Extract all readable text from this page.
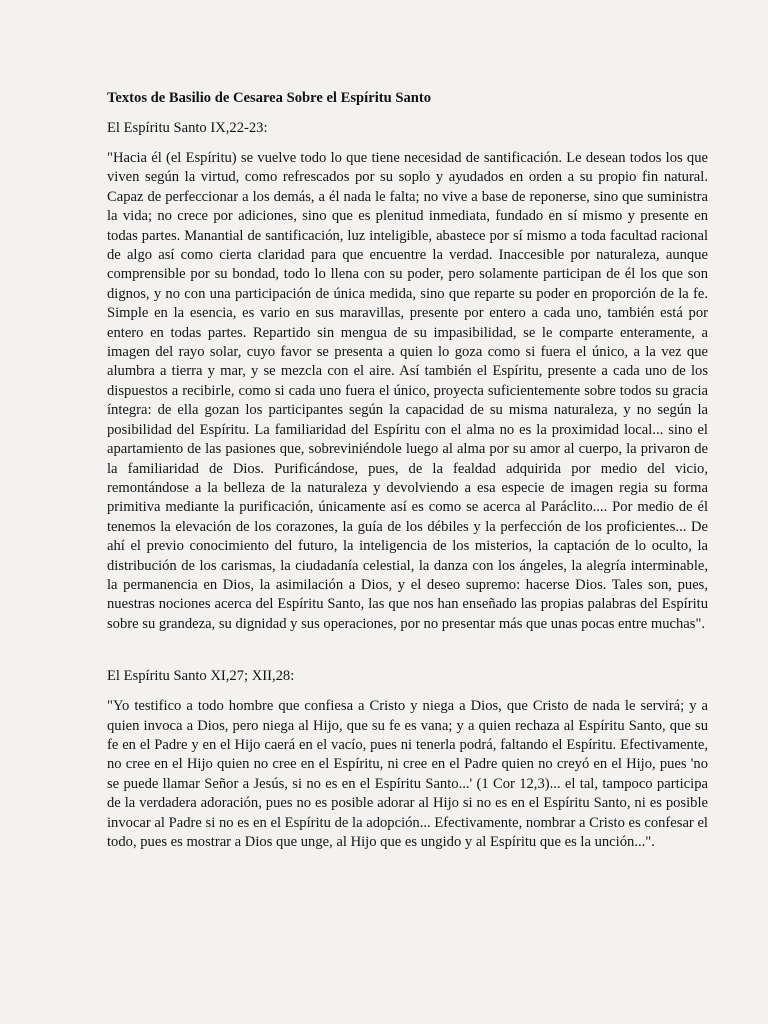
Textos de Basilio de Cesarea Sobre el Espíritu Santo

El Espíritu Santo IX,22-23:

"Hacia él (el Espíritu) se vuelve todo lo que tiene necesidad de santificación. Le desean todos los que viven según la virtud, como refrescados por su soplo y ayudados en orden a su propio fin natural. Capaz de perfeccionar a los demás, a él nada le falta; no vive a base de reponerse, sino que suministra la vida; no crece por adiciones, sino que es plenitud inmediata, fundado en sí mismo y presente en todas partes. Manantial de santificación, luz inteligible, abastece por sí mismo a toda facultad racional de algo así como cierta claridad para que encuentre la verdad. Inaccesible por naturaleza, aunque comprensible por su bondad, todo lo llena con su poder, pero solamente participan de él los que son dignos, y no con una participación de única medida, sino que reparte su poder en proporción de la fe. Simple en la esencia, es vario en sus maravillas, presente por entero a cada uno, también está por entero en todas partes. Repartido sin mengua de su impasibilidad, se le comparte enteramente, a imagen del rayo solar, cuyo favor se presenta a quien lo goza como si fuera el único, a la vez que alumbra a tierra y mar, y se mezcla con el aire. Así también el Espíritu, presente a cada uno de los dispuestos a recibirle, como si cada uno fuera el único, proyecta suficientemente sobre todos su gracia íntegra: de ella gozan los participantes según la capacidad de su misma naturaleza, y no según la posibilidad del Espíritu. La familiaridad del Espíritu con el alma no es la proximidad local... sino el apartamiento de las pasiones que, sobreviniéndole luego al alma por su amor al cuerpo, la privaron de la familiaridad de Dios. Purificándose, pues, de la fealdad adquirida por medio del vicio, remontándose a la belleza de la naturaleza y devolviendo a esa especie de imagen regia su forma primitiva mediante la purificación, únicamente así es como se acerca al Paráclito.... Por medio de él tenemos la elevación de los corazones, la guía de los débiles y la perfección de los proficientes... De ahí el previo conocimiento del futuro, la inteligencia de los misterios, la captación de lo oculto, la distribución de los carismas, la ciudadanía celestial, la danza con los ángeles, la alegría interminable, la permanencia en Dios, la asimilación a Dios, y el deseo supremo: hacerse Dios. Tales son, pues, nuestras nociones acerca del Espíritu Santo, las que nos han enseñado las propias palabras del Espíritu sobre su grandeza, su dignidad y sus operaciones, por no presentar más que unas pocas entre muchas".

El Espíritu Santo XI,27; XII,28:

"Yo testifico a todo hombre que confiesa a Cristo y niega a Dios, que Cristo de nada le servirá; y a quien invoca a Dios, pero niega al Hijo, que su fe es vana; y a quien rechaza al Espíritu Santo, que su fe en el Padre y en el Hijo caerá en el vacío, pues ni tenerla podrá, faltando el Espíritu. Efectivamente, no cree en el Hijo quien no cree en el Espíritu, ni cree en el Padre quien no creyó en el Hijo, pues 'no se puede llamar Señor a Jesús, si no es en el Espíritu Santo...' (1 Cor 12,3)... el tal, tampoco participa de la verdadera adoración, pues no es posible adorar al Hijo si no es en el Espíritu Santo, ni es posible invocar al Padre si no es en el Espíritu de la adopción... Efectivamente, nombrar a Cristo es confesar el todo, pues es mostrar a Dios que unge, al Hijo que es ungido y al Espíritu que es la unción...".
